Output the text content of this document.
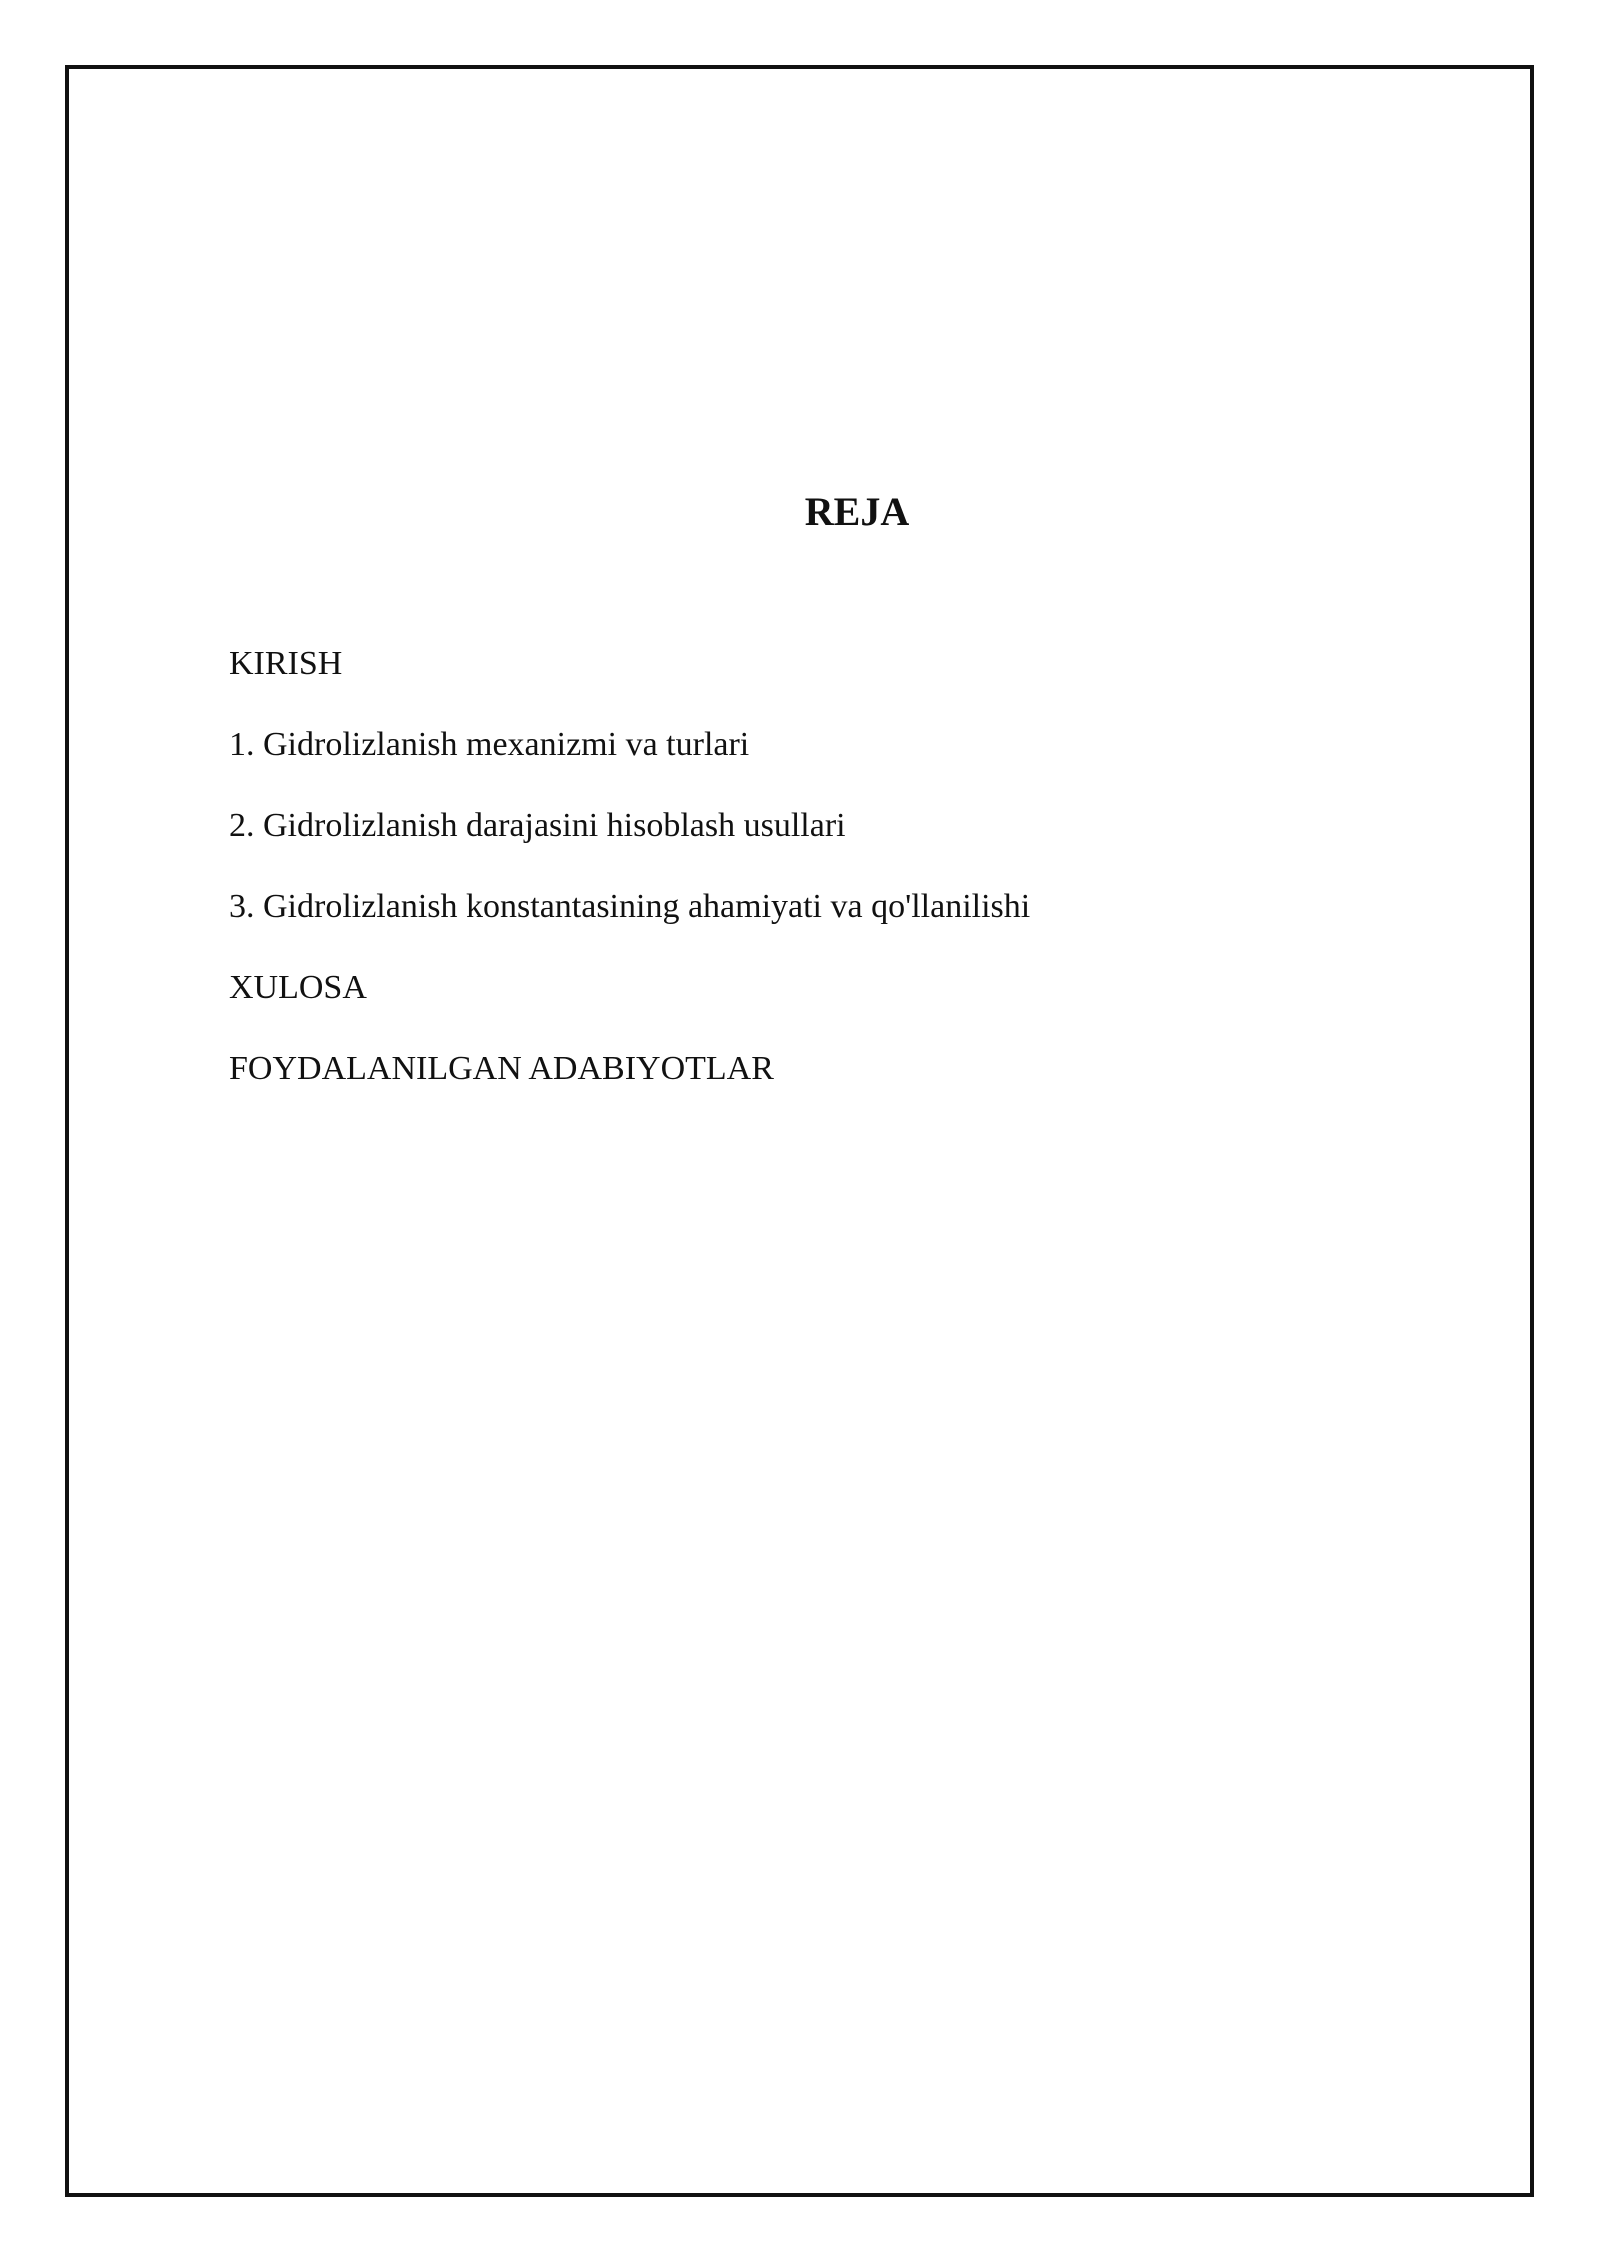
REJA
KIRISH
1. Gidrolizlanish mexanizmi va turlari
2. Gidrolizlanish darajasini hisoblash usullari
3. Gidrolizlanish konstantasining ahamiyati va qo'llanilishi
XULOSA
FOYDALANILGAN ADABIYOTLAR
